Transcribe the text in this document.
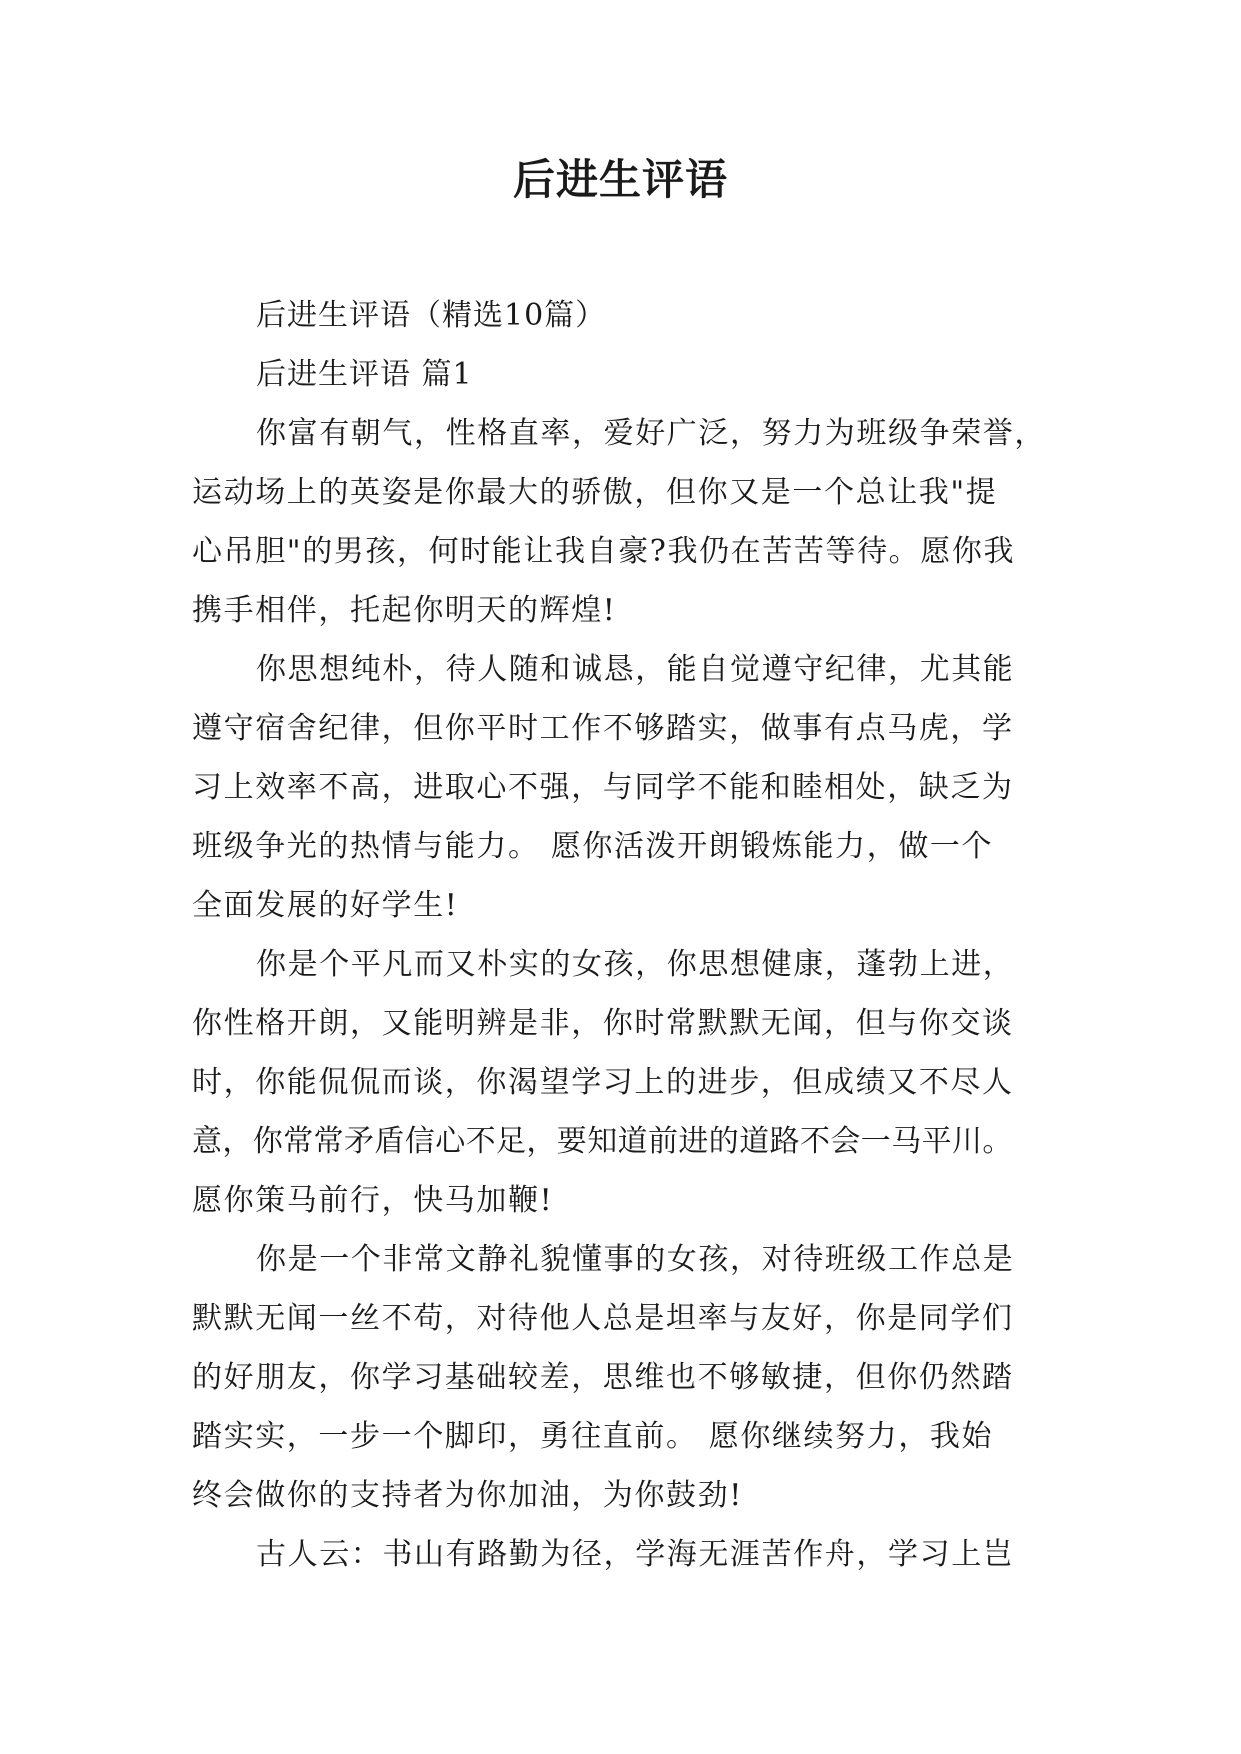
后进生评语

后进生评语（精选10篇）

后进生评语 篇1

你富有朝气，性格直率，爱好广泛，努力为班级争荣誉，

运动场上的英姿是你最大的骄傲，但你又是一个总让我"提

心吊胆"的男孩，何时能让我自豪?我仍在苦苦等待。愿你我

携手相伴，托起你明天的辉煌!

你思想纯朴，待人随和诚恳，能自觉遵守纪律，尤其能

遵守宿舍纪律，但你平时工作不够踏实，做事有点马虎，学

习上效率不高，进取心不强，与同学不能和睦相处，缺乏为

班级争光的热情与能力。 愿你活泼开朗锻炼能力，做一个

全面发展的好学生!

你是个平凡而又朴实的女孩，你思想健康，蓬勃上进，

你性格开朗，又能明辨是非，你时常默默无闻，但与你交谈

时，你能侃侃而谈，你渴望学习上的进步，但成绩又不尽人

意，你常常矛盾信心不足，要知道前进的道路不会一马平川。

愿你策马前行，快马加鞭!

你是一个非常文静礼貌懂事的女孩，对待班级工作总是

默默无闻一丝不苟，对待他人总是坦率与友好，你是同学们

的好朋友，你学习基础较差，思维也不够敏捷，但你仍然踏

踏实实，一步一个脚印，勇往直前。 愿你继续努力，我始

终会做你的支持者为你加油，为你鼓劲!

古人云：书山有路勤为径，学海无涯苦作舟，学习上岂
